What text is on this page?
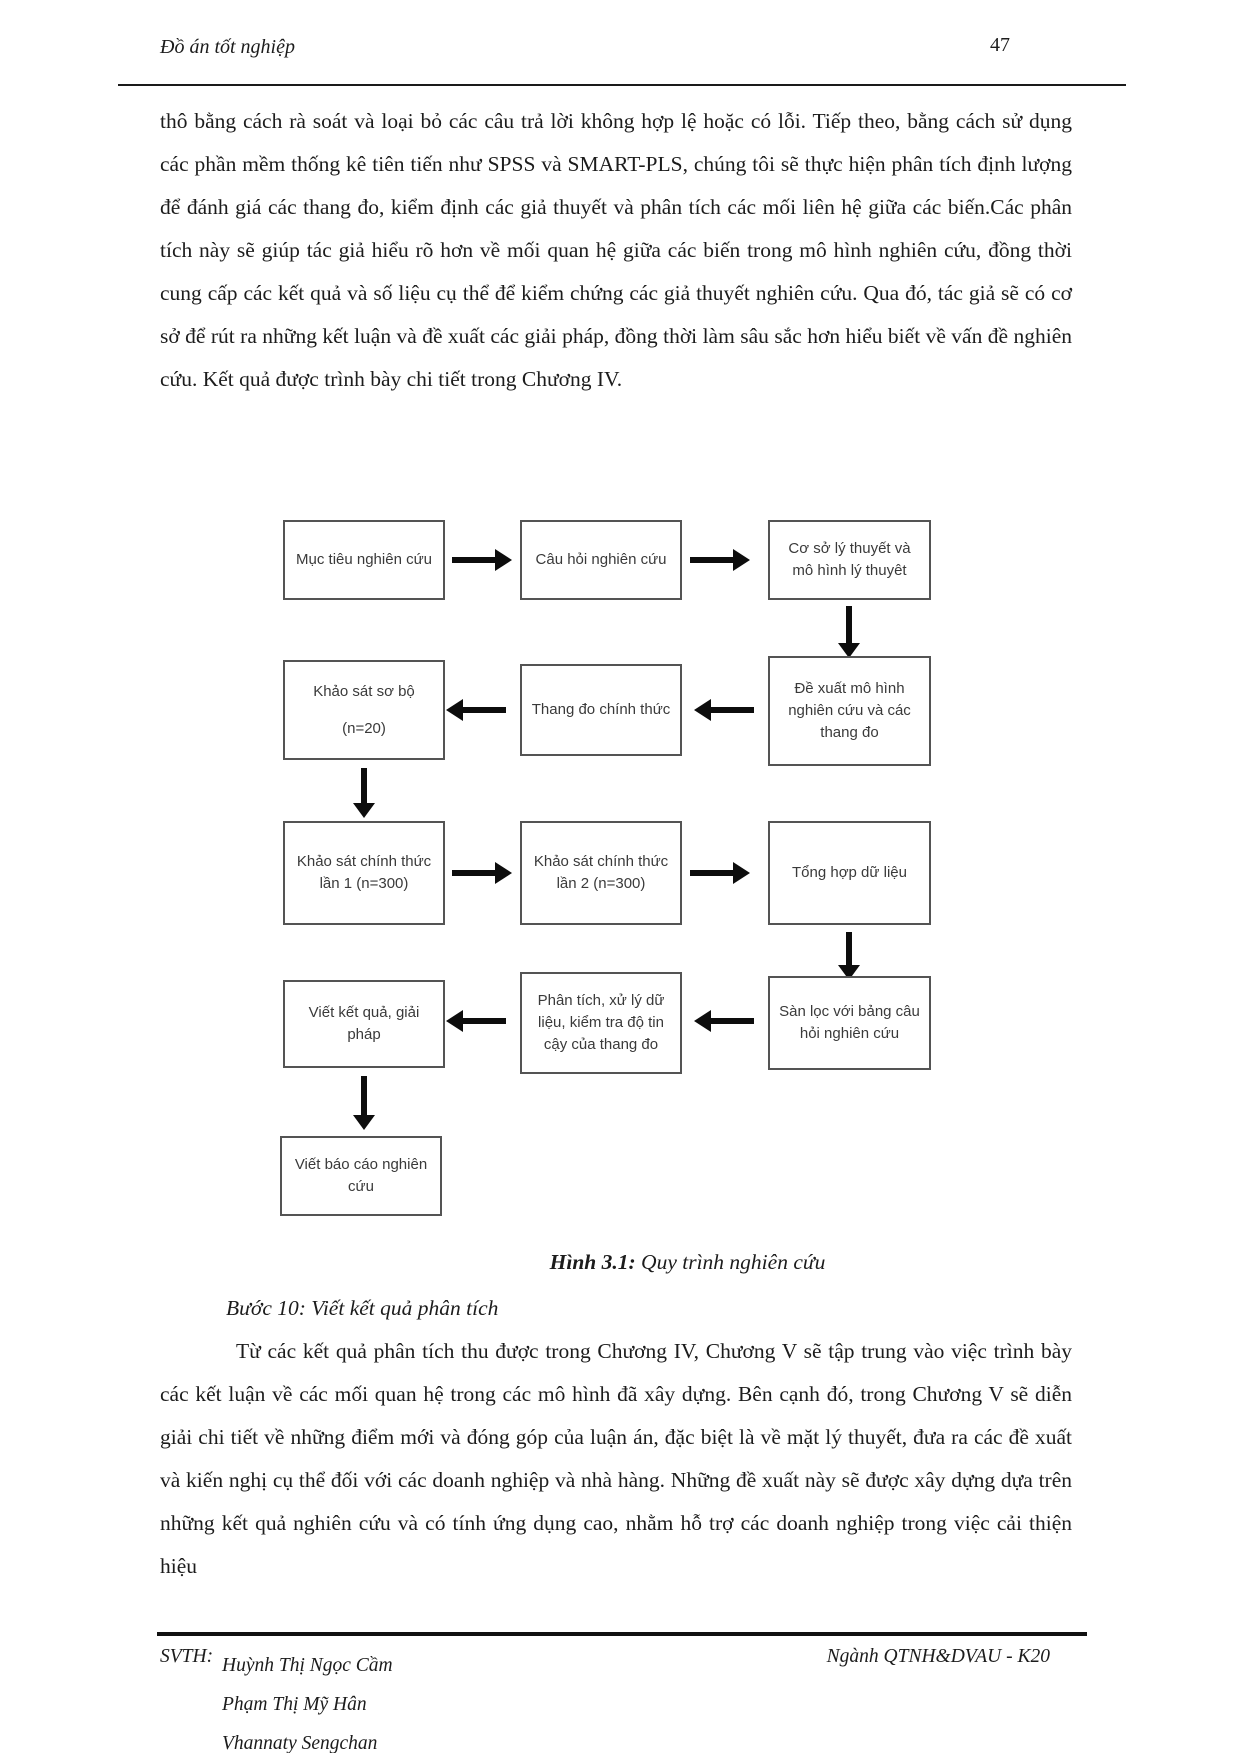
Đồ án tốt nghiệp	47
thô bằng cách rà soát và loại bỏ các câu trả lời không hợp lệ hoặc có lỗi. Tiếp theo, bằng cách sử dụng các phần mềm thống kê tiên tiến như SPSS và SMART-PLS, chúng tôi sẽ thực hiện phân tích định lượng để đánh giá các thang đo, kiểm định các giả thuyết và phân tích các mối liên hệ giữa các biến.Các phân tích này sẽ giúp tác giả hiểu rõ hơn về mối quan hệ giữa các biến trong mô hình nghiên cứu, đồng thời cung cấp các kết quả và số liệu cụ thể để kiểm chứng các giả thuyết nghiên cứu. Qua đó, tác giả sẽ có cơ sở để rút ra những kết luận và đề xuất các giải pháp, đồng thời làm sâu sắc hơn hiểu biết về vấn đề nghiên cứu. Kết quả được trình bày chi tiết trong Chương IV.
Mục tiêu nghiên cứu	Câu hỏi nghiên cứu
Cơ sở lý thuyết và mô hình lý thuyêt
Khảo sát sơ bộ
(n=20)
Thang đo chính thức
Đề xuất mô hình nghiên cứu và các thang đo
Khảo sát chính thức lần 1 (n=300)
Khảo sát chính thức lần 2 (n=300)
Tổng hợp dữ liệu
Viết kết quả, giải pháp
Phân tích, xử lý dữ liệu, kiểm tra độ tin cậy của thang đo
Sàn lọc với bảng câu hỏi nghiên cứu
Viết báo cáo nghiên cứu
Hình 3.1: Quy trình nghiên cứu
Bước 10: Viết kết quả phân tích
Từ các kết quả phân tích thu được trong Chương IV, Chương V sẽ tập trung vào việc trình bày các kết luận về các mối quan hệ trong các mô hình đã xây dựng. Bên cạnh đó, trong Chương V sẽ diễn giải chi tiết về những điểm mới và đóng góp của luận án, đặc biệt là về mặt lý thuyết, đưa ra các đề xuất và kiến nghị cụ thể đối với các doanh nghiệp và nhà hàng. Những đề xuất này sẽ được xây dựng dựa trên những kết quả nghiên cứu và có tính ứng dụng cao, nhằm hỗ trợ các doanh nghiệp trong việc cải thiện hiệu
SVTH: Huỳnh Thị Ngọc Cầm
Phạm Thị Mỹ Hân
Vhannaty Sengchan
Ngành QTNH&DVAU - K20
